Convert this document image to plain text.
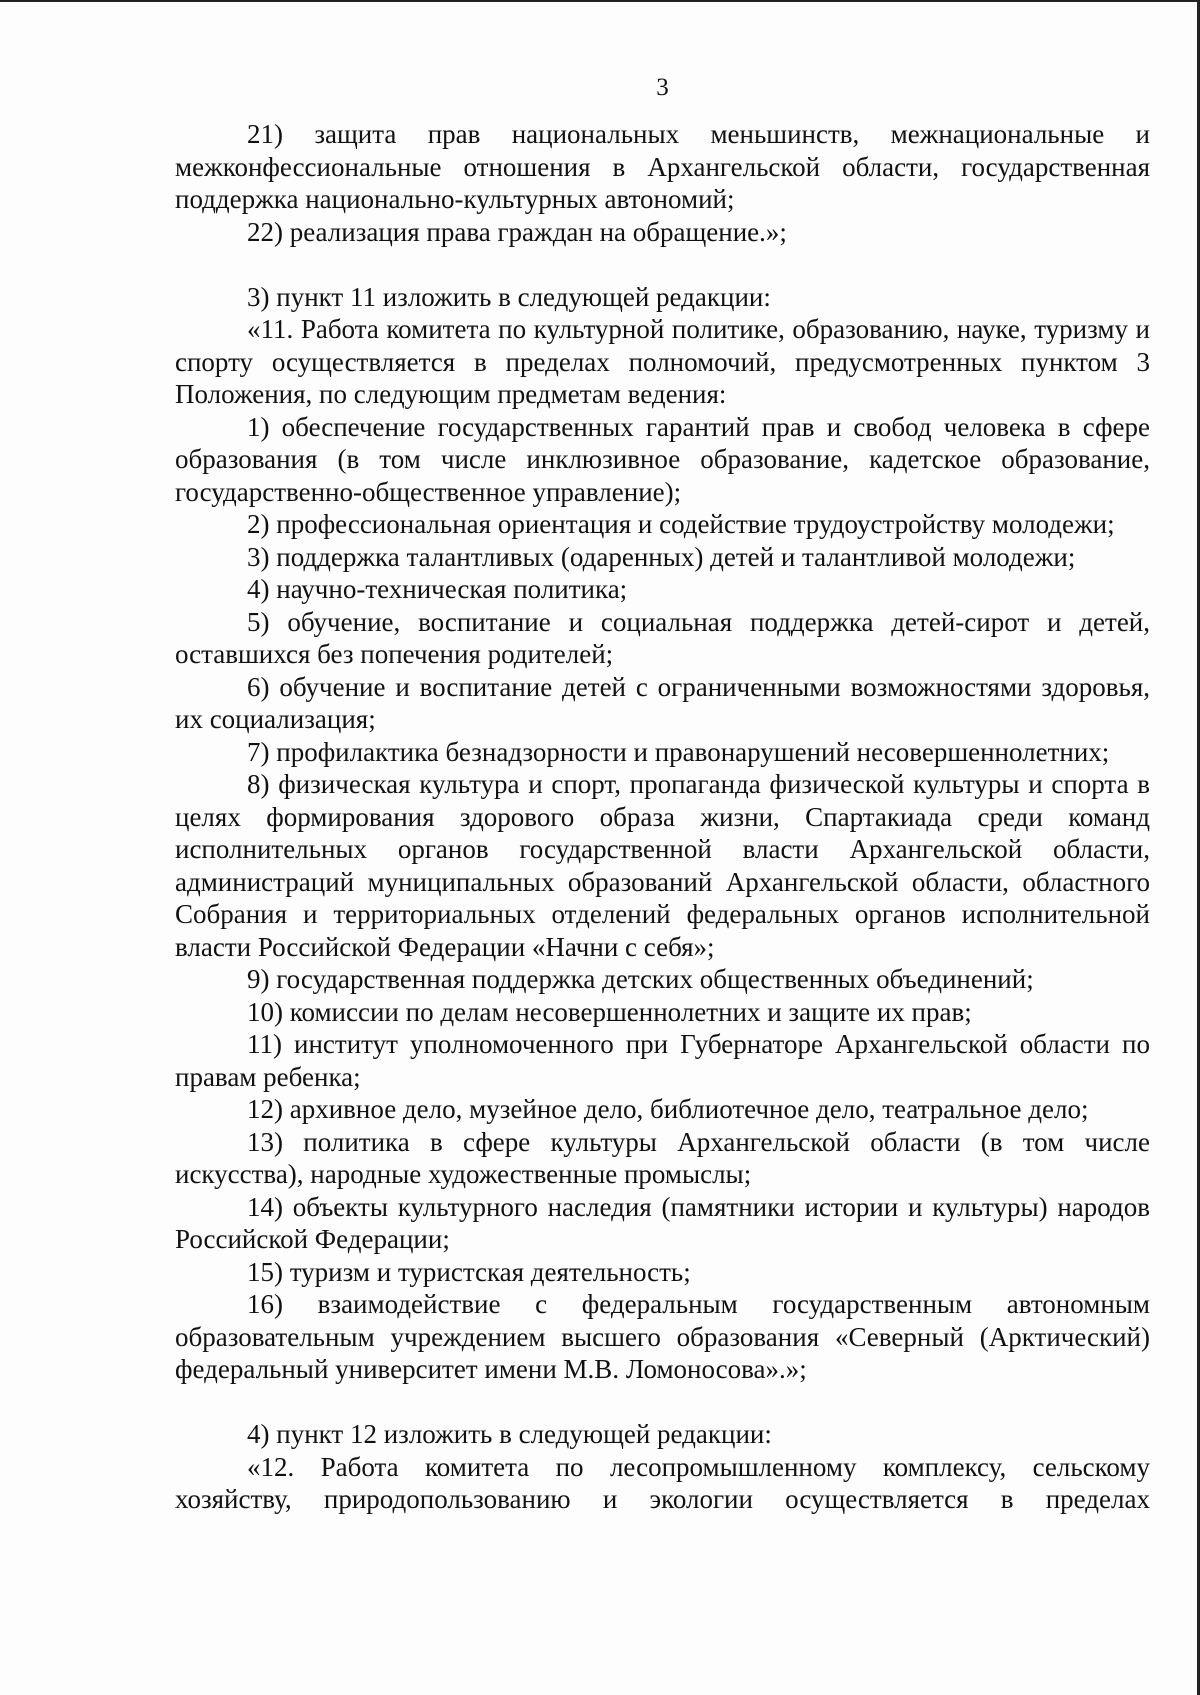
3

21) защита прав национальных меньшинств, межнациональные и межконфессиональные отношения в Архангельской области, государственная поддержка национально-культурных автономий;

22) реализация права граждан на обращение.»;

3) пункт 11 изложить в следующей редакции:

«11. Работа комитета по культурной политике, образованию, науке, туризму и спорту осуществляется в пределах полномочий, предусмотренных пунктом 3 Положения, по следующим предметам ведения:

1) обеспечение государственных гарантий прав и свобод человека в сфере образования (в том числе инклюзивное образование, кадетское образование, государственно-общественное управление);

2) профессиональная ориентация и содействие трудоустройству молодежи;

3) поддержка талантливых (одаренных) детей и талантливой молодежи;

4) научно-техническая политика;

5) обучение, воспитание и социальная поддержка детей-сирот и детей, оставшихся без попечения родителей;

6) обучение и воспитание детей с ограниченными возможностями здоровья, их социализация;

7) профилактика безнадзорности и правонарушений несовершеннолетних;

8) физическая культура и спорт, пропаганда физической культуры и спорта в целях формирования здорового образа жизни, Спартакиада среди команд исполнительных органов государственной власти Архангельской области, администраций муниципальных образований Архангельской области, областного Собрания и территориальных отделений федеральных органов исполнительной власти Российской Федерации «Начни с себя»;

9) государственная поддержка детских общественных объединений;

10) комиссии по делам несовершеннолетних и защите их прав;

11) институт уполномоченного при Губернаторе Архангельской области по правам ребенка;

12) архивное дело, музейное дело, библиотечное дело, театральное дело;

13) политика в сфере культуры Архангельской области (в том числе искусства), народные художественные промыслы;

14) объекты культурного наследия (памятники истории и культуры) народов Российской Федерации;

15) туризм и туристская деятельность;

16) взаимодействие с федеральным государственным автономным образовательным учреждением высшего образования «Северный (Арктический) федеральный университет имени М.В. Ломоносова».»;

4) пункт 12 изложить в следующей редакции:

«12. Работа комитета по лесопромышленному комплексу, сельскому хозяйству, природопользованию и экологии осуществляется в пределах
